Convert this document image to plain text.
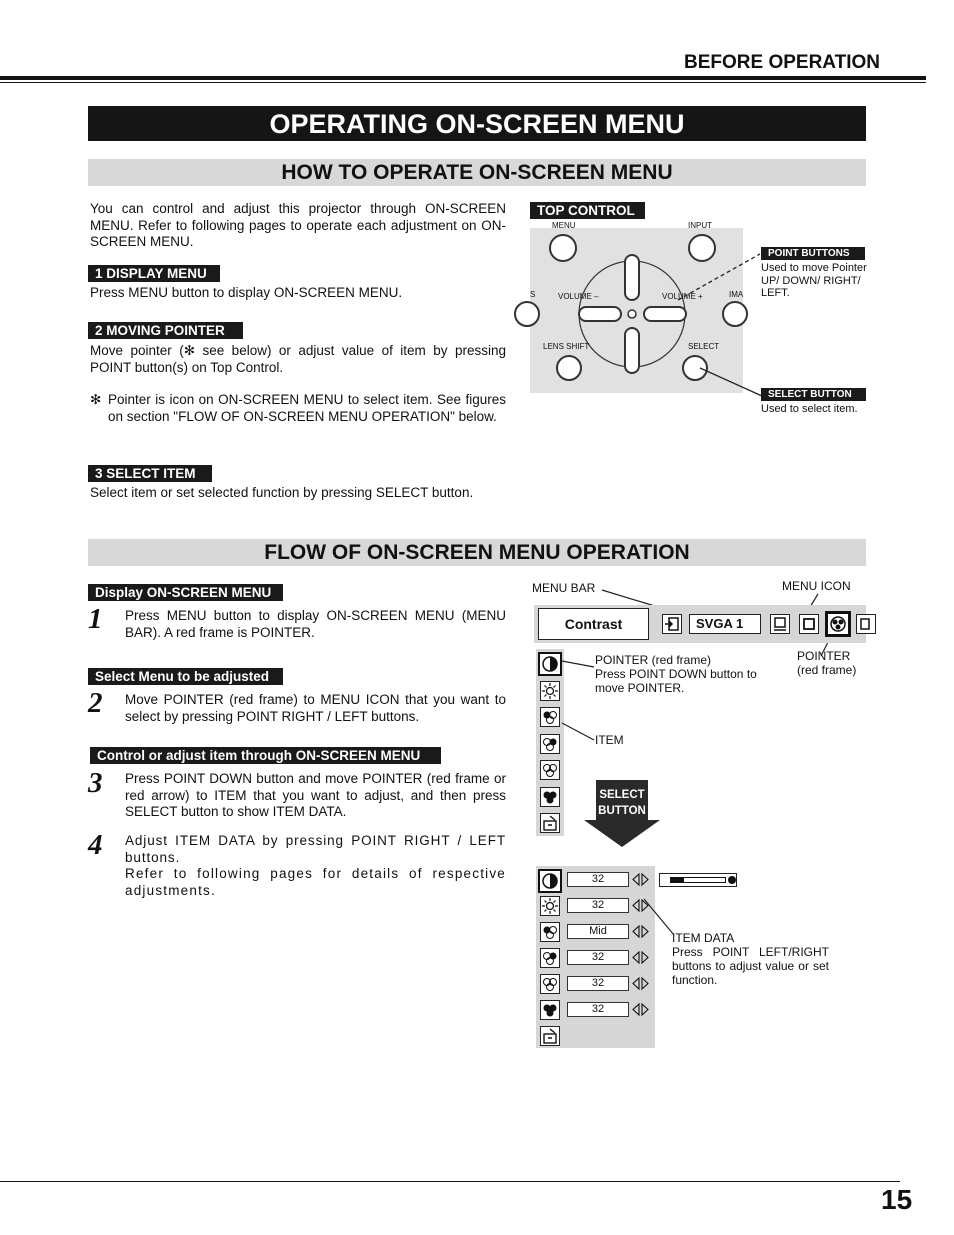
BEFORE OPERATION
OPERATING ON-SCREEN MENU
HOW TO OPERATE ON-SCREEN MENU
You can control and adjust this projector through ON-SCREEN MENU. Refer to following pages to operate each adjustment on ON-SCREEN MENU.
1 DISPLAY MENU
Press MENU button to display ON-SCREEN MENU.
2 MOVING POINTER
Move pointer (✻ see below) or adjust value of item by pressing POINT button(s) on Top Control.
✻ Pointer is icon on ON-SCREEN MENU to select item. See figures on section "FLOW OF ON-SCREEN MENU OPERATION" below.
3 SELECT ITEM
Select item or set selected function by pressing SELECT button.
TOP CONTROL
MENU	INPUT
S	VOLUME –	VOLUME +	IMA
LENS SHIFT	SELECT
POINT BUTTONS
Used to move Pointer UP/ DOWN/ RIGHT/ LEFT.
SELECT BUTTON
Used to select item.
FLOW OF ON-SCREEN MENU OPERATION
Display ON-SCREEN MENU
1 Press MENU button to display ON-SCREEN MENU (MENU BAR). A red frame is POINTER.
Select Menu to be adjusted
2 Move POINTER (red frame) to MENU ICON that you want to select by pressing POINT RIGHT / LEFT buttons.
Control or adjust item through ON-SCREEN MENU
3 Press POINT DOWN button and move POINTER (red frame or red arrow) to ITEM that you want to adjust, and then press SELECT button to show ITEM DATA.
4 Adjust ITEM DATA by pressing POINT RIGHT / LEFT buttons.
Refer to following pages for details of respective adjustments.
MENU BAR	MENU ICON
Contrast	SVGA 1
POINTER (red frame)
Press POINT DOWN button to move POINTER.
POINTER
(red frame)
ITEM
SELECT
BUTTON
32
32
Mid
32
32
32
ITEM DATA
Press POINT LEFT/RIGHT buttons to adjust value or set function.
15
